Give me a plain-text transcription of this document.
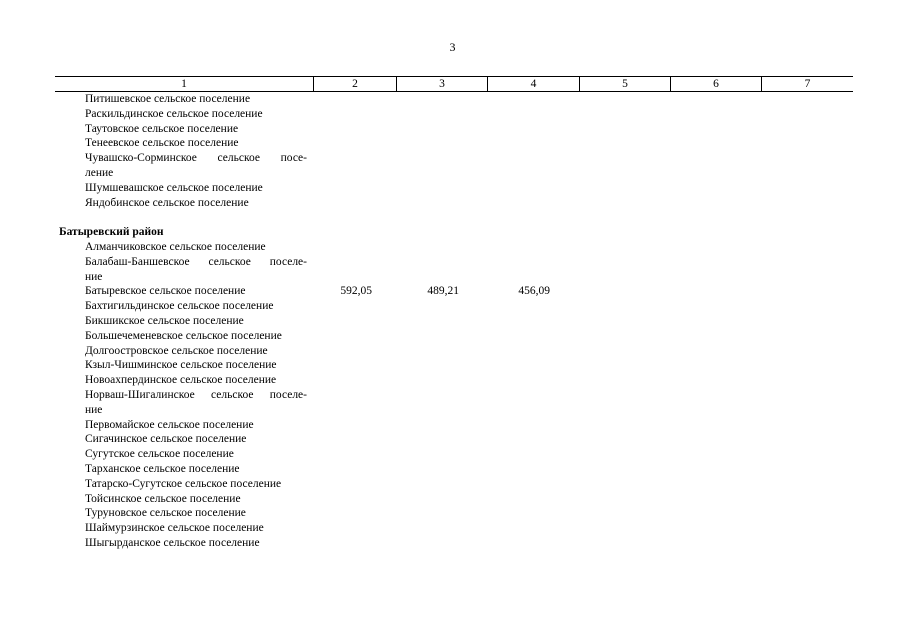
3
1	2	3	4	5	6	7
Питишевское сельское поселение
Раскильдинское сельское поселение
Таутовское сельское поселение
Тенеевское сельское поселение
Чувашско-Сорминское сельское посе-
ление
Шумшевашское сельское поселение
Яндобинское сельское поселение
Батыревский район
Алманчиковское сельское поселение
Балабаш-Баншевское сельское поселе-
ние
Батыревское сельское поселение	592,05	489,21	456,09
Бахтигильдинское сельское поселение
Бикшикское сельское поселение
Большечеменевское сельское поселение
Долгоостровское сельское поселение
Кзыл-Чишминское сельское поселение
Новоахпердинское сельское поселение
Норваш-Шигалинское сельское поселе-
ние
Первомайское сельское поселение
Сигачинское сельское поселение
Сугутское сельское поселение
Тарханское сельское поселение
Татарско-Сугутское сельское поселение
Тойсинское сельское поселение
Туруновское сельское поселение
Шаймурзинское сельское поселение
Шыгырданское сельское поселение
